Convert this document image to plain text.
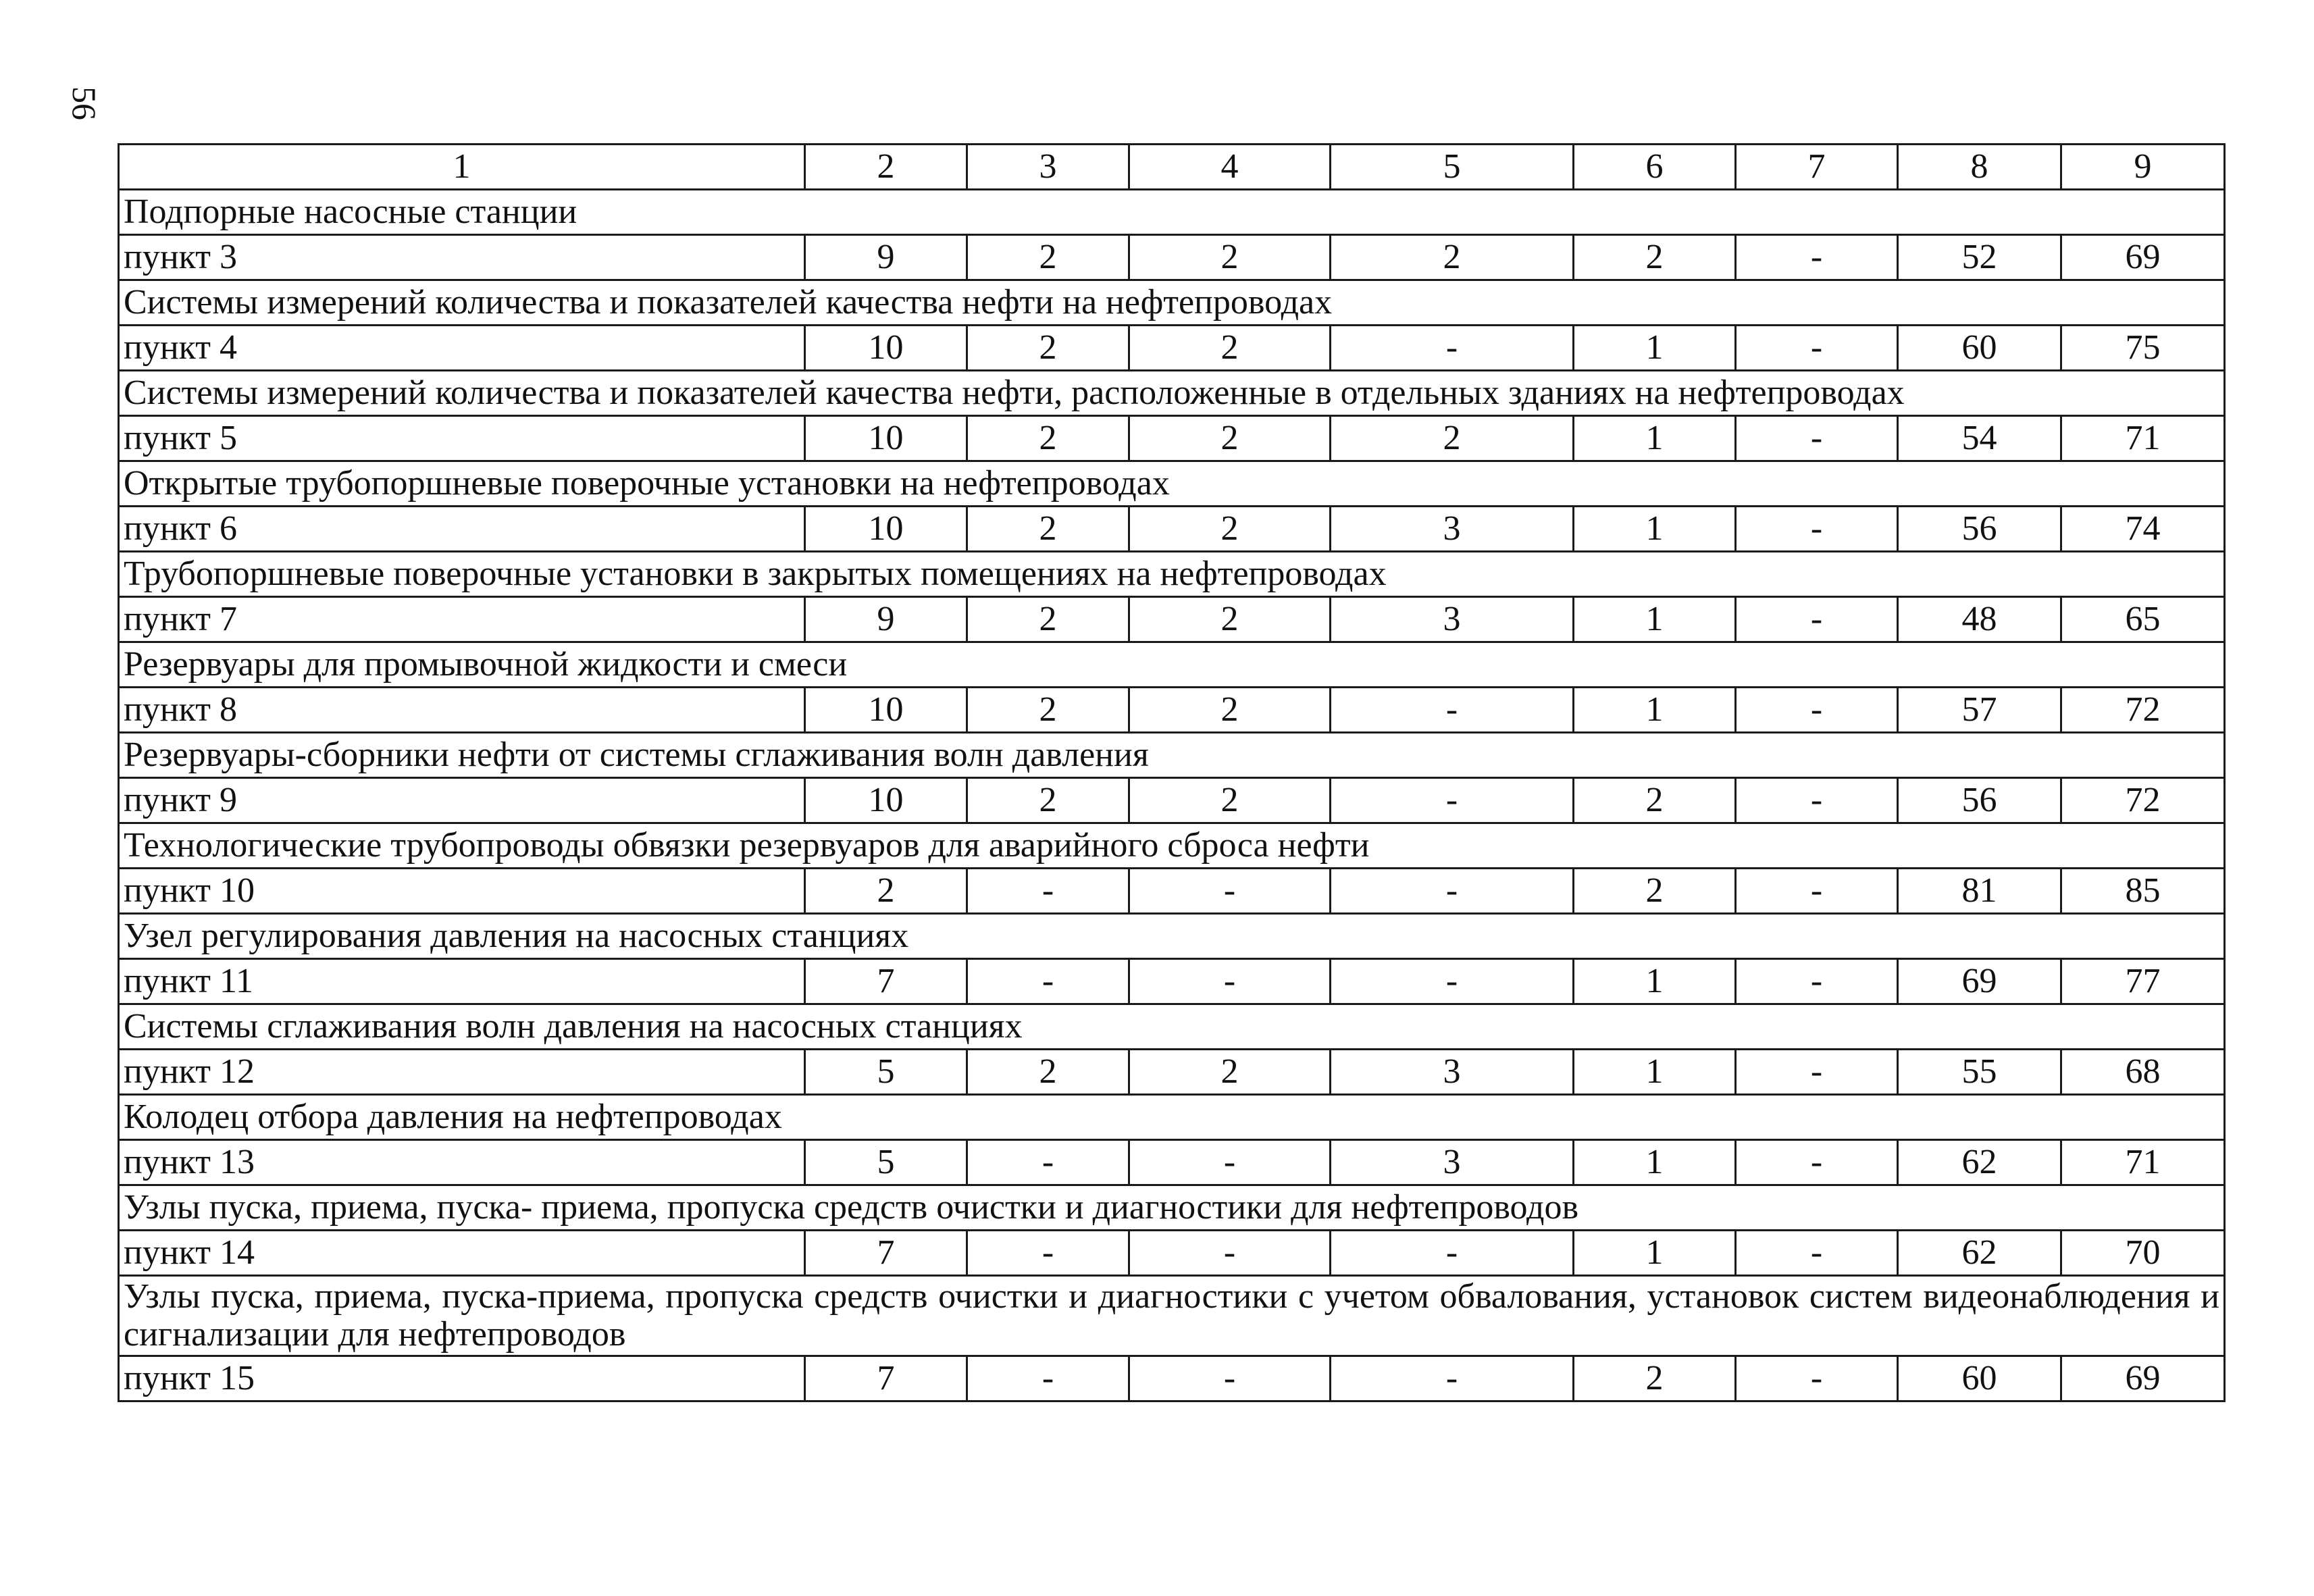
56
1	2	3	4	5	6	7	8	9
Подпорные насосные станции								
пункт 3	9	2	2	2	2	-	52	69
Системы измерений количества и показателей качества нефти на нефтепроводах								
пункт 4	10	2	2	-	1	-	60	75
Системы измерений количества и показателей качества нефти, расположенные в отдельных зданиях на нефтепроводах								
пункт 5	10	2	2	2	1	-	54	71
Открытые трубопоршневые поверочные установки на нефтепроводах								
пункт 6	10	2	2	3	1	-	56	74
Трубопоршневые поверочные установки в закрытых помещениях на нефтепроводах								
пункт 7	9	2	2	3	1	-	48	65
Резервуары для промывочной жидкости и смеси								
пункт 8	10	2	2	-	1	-	57	72
Резервуары-сборники нефти от системы сглаживания волн давления								
пункт 9	10	2	2	-	2	-	56	72
Технологические трубопроводы обвязки резервуаров для аварийного сброса нефти								
пункт 10	2	-	-	-	2	-	81	85
Узел регулирования давления на насосных станциях								
пункт 11	7	-	-	-	1	-	69	77
Системы сглаживания волн давления на насосных станциях								
пункт 12	5	2	2	3	1	-	55	68
Колодец отбора давления на нефтепроводах								
пункт 13	5	-	-	3	1	-	62	71
Узлы пуска, приема, пуска- приема, пропуска средств очистки и диагностики для нефтепроводов								
пункт 14	7	-	-	-	1	-	62	70
Узлы пуска, приема, пуска-приема, пропуска средств очистки и диагностики с учетом обвалования, установок систем видеонаблюдения и сигнализации для нефтепроводов								
пункт 15	7	-	-	-	2	-	60	69
